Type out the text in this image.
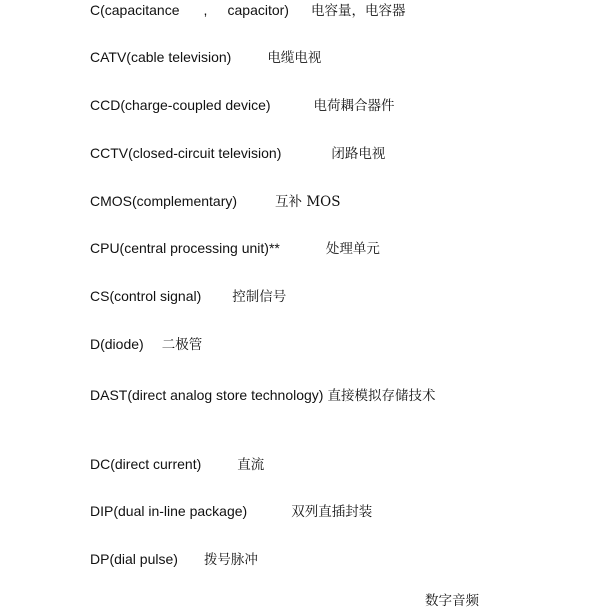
C(capacitance , capacitor) 电容量，电容器
CATV(cable television)	电缆电视
CCD(charge-coupled device)	电荷耦合器件
CCTV(closed-circuit television)	闭路电视
CMOS(complementary)	互补 MOS
CPU(central processing unit)**	处理单元
CS(control signal) 控制信号
D(diode) 二极管
DAST(direct analog store technology) 直接模拟存储技术
DC(direct current)	直流
DIP(dual in-line package)	双列直插封装
DP(dial pulse) 拨号脉冲
数字音频
